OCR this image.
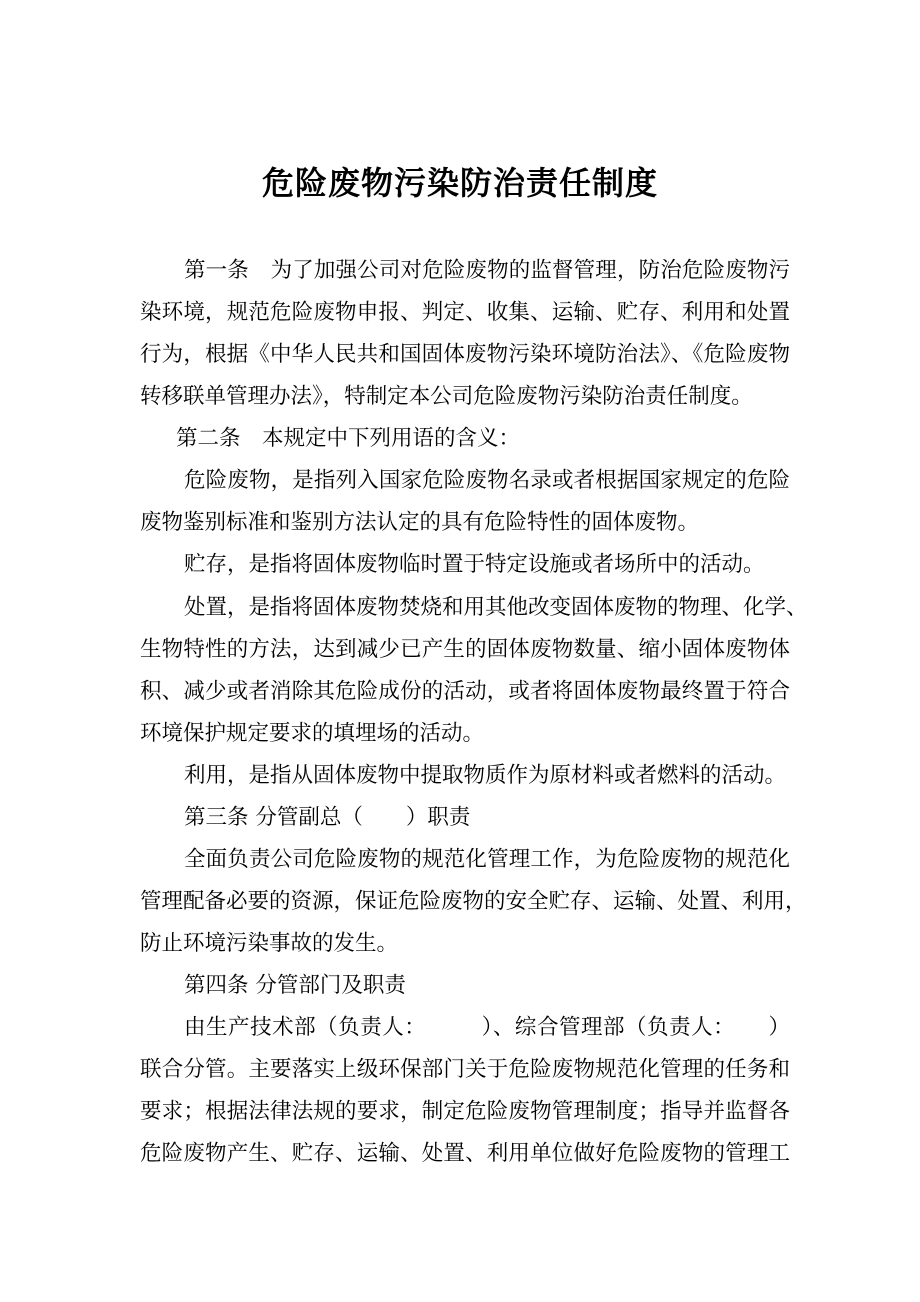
危险废物污染防治责任制度
第一条　为了加强公司对危险废物的监督管理，防治危险废物污
染环境，规范危险废物申报、判定、收集、运输、贮存、利用和处置
行为，根据《中华人民共和国固体废物污染环境防治法》、《危险废物
转移联单管理办法》，特制定本公司危险废物污染防治责任制度。
第二条　本规定中下列用语的含义：
危险废物，是指列入国家危险废物名录或者根据国家规定的危险
废物鉴别标准和鉴别方法认定的具有危险特性的固体废物。
贮存，是指将固体废物临时置于特定设施或者场所中的活动。
处置，是指将固体废物焚烧和用其他改变固体废物的物理、化学、
生物特性的方法，达到减少已产生的固体废物数量、缩小固体废物体
积、减少或者消除其危险成份的活动，或者将固体废物最终置于符合
环境保护规定要求的填埋场的活动。
利用，是指从固体废物中提取物质作为原材料或者燃料的活动。
第三条 分管副总（　　）职责
全面负责公司危险废物的规范化管理工作，为危险废物的规范化
管理配备必要的资源，保证危险废物的安全贮存、运输、处置、利用，
防止环境污染事故的发生。
第四条 分管部门及职责
由生产技术部（负责人：　　　）、综合管理部（负责人：　　）
联合分管。主要落实上级环保部门关于危险废物规范化管理的任务和
要求；根据法律法规的要求，制定危险废物管理制度；指导并监督各
危险废物产生、贮存、运输、处置、利用单位做好危险废物的管理工
